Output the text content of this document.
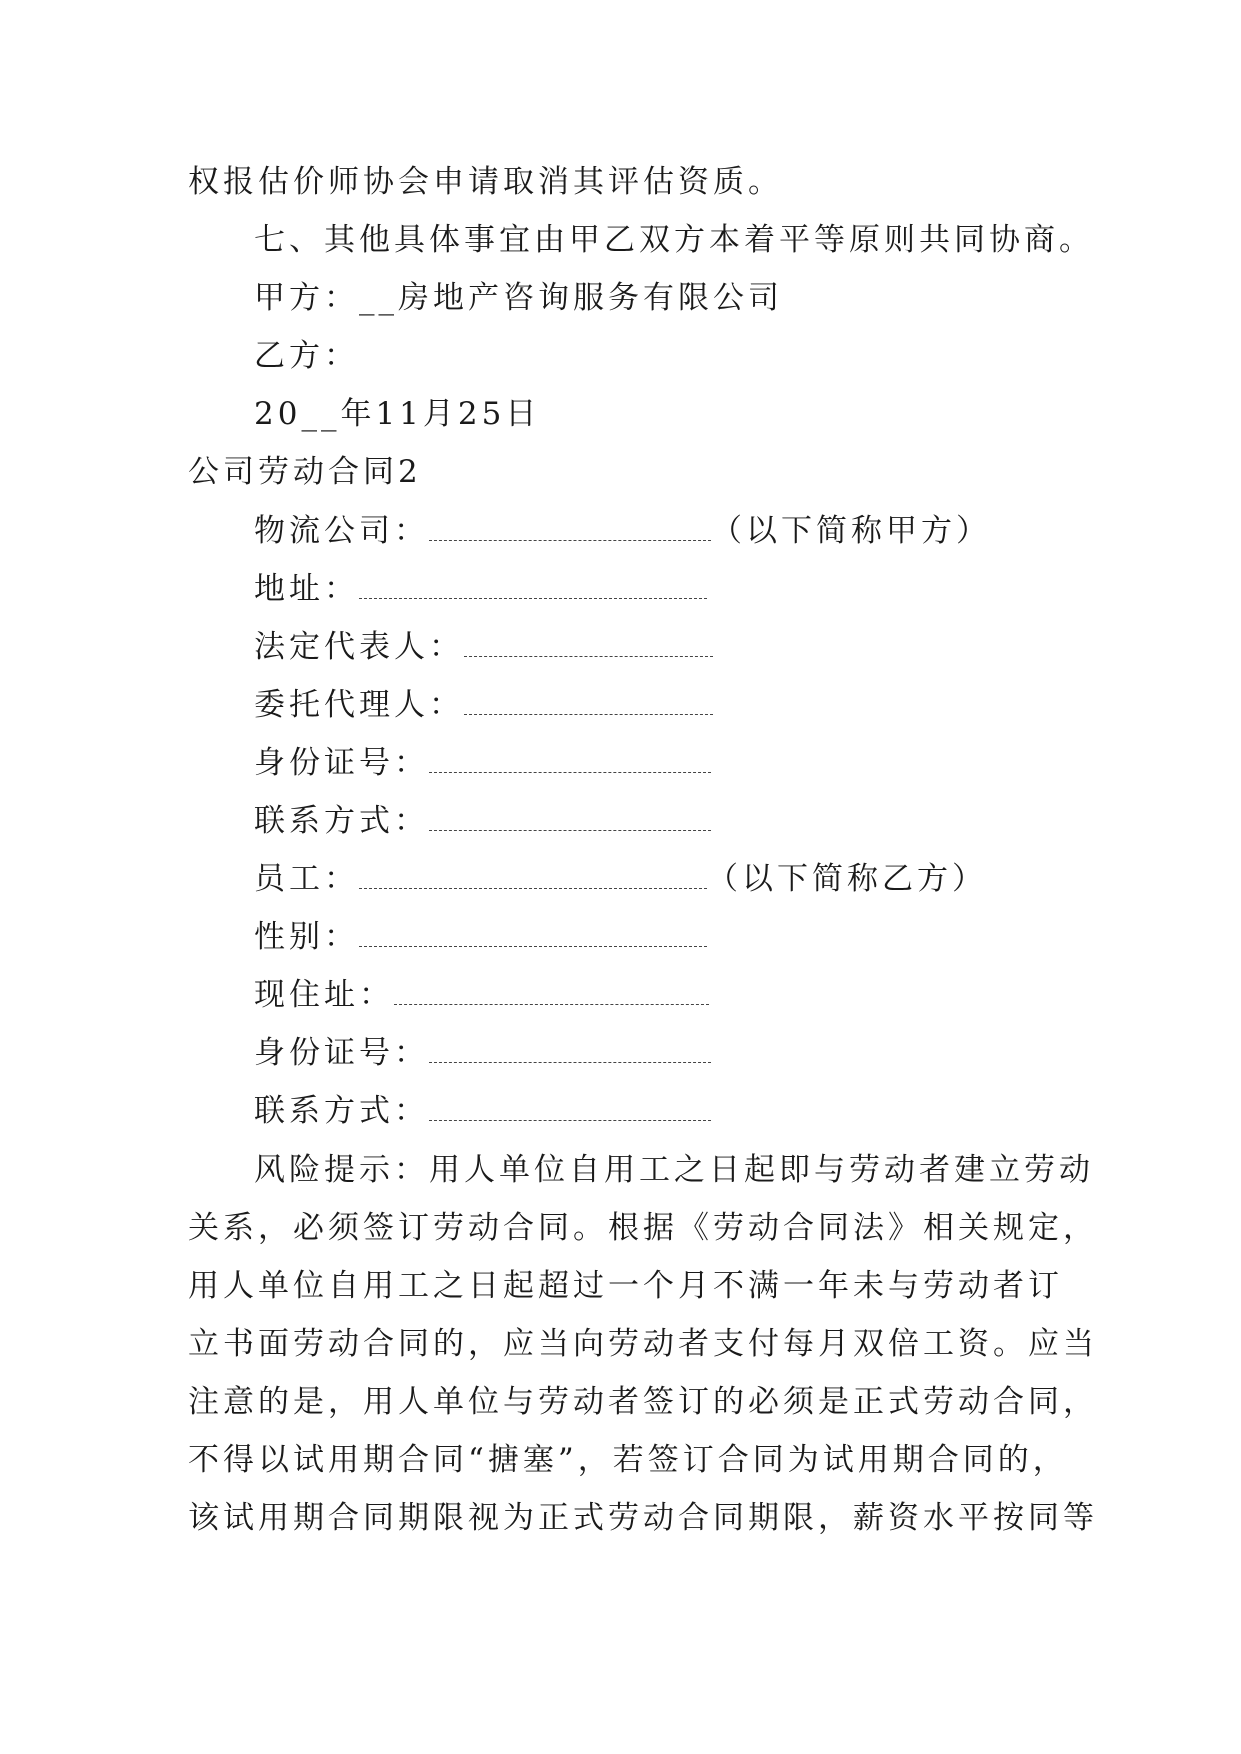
权报估价师协会申请取消其评估资质。
七、其他具体事宜由甲乙双方本着平等原则共同协商。
甲方：__房地产咨询服务有限公司
乙方：
20__年11月25日
公司劳动合同2
物流公司：	（以下简称甲方）
地址：
法定代表人：
委托代理人：
身份证号：
联系方式：
员工：	（以下简称乙方）
性别：
现住址：
身份证号：
联系方式：
风险提示：用人单位自用工之日起即与劳动者建立劳动
关系，必须签订劳动合同。根据《劳动合同法》相关规定，
用人单位自用工之日起超过一个月不满一年未与劳动者订
立书面劳动合同的，应当向劳动者支付每月双倍工资。应当
注意的是，用人单位与劳动者签订的必须是正式劳动合同，
不得以试用期合同“搪塞”，若签订合同为试用期合同的，
该试用期合同期限视为正式劳动合同期限，薪资水平按同等
